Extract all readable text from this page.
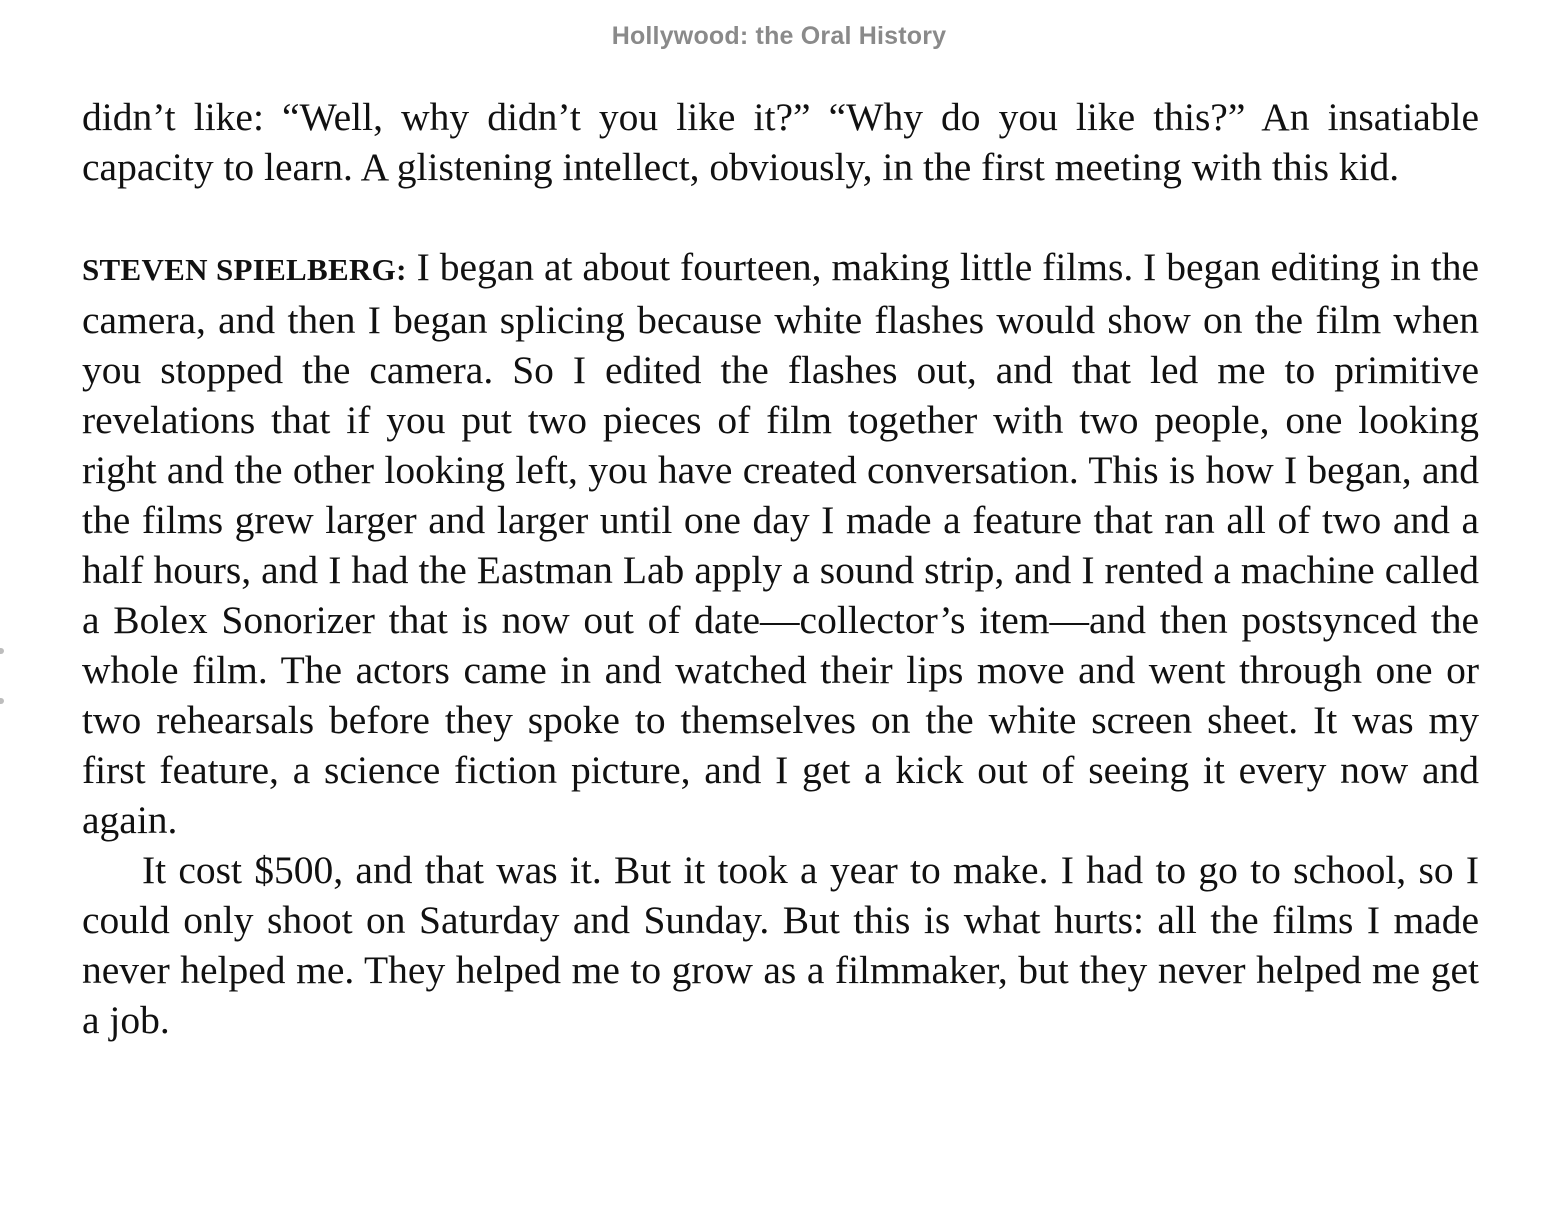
Hollywood: the Oral History

didn’t like: “Well, why didn’t you like it?” “Why do you like this?” An insatiable capacity to learn. A glistening intellect, obviously, in the first meeting with this kid.

STEVEN SPIELBERG: I began at about fourteen, making little films. I began editing in the camera, and then I began splicing because white flashes would show on the film when you stopped the camera. So I edited the flashes out, and that led me to primitive revelations that if you put two pieces of film together with two people, one looking right and the other looking left, you have created conversation. This is how I began, and the films grew larger and larger until one day I made a feature that ran all of two and a half hours, and I had the Eastman Lab apply a sound strip, and I rented a machine called a Bolex Sonorizer that is now out of date—collector’s item—and then postsynced the whole film. The actors came in and watched their lips move and went through one or two rehearsals before they spoke to themselves on the white screen sheet. It was my first feature, a science fiction picture, and I get a kick out of seeing it every now and again.

It cost $500, and that was it. But it took a year to make. I had to go to school, so I could only shoot on Saturday and Sunday. But this is what hurts: all the films I made never helped me. They helped me to grow as a filmmaker, but they never helped me get a job.
